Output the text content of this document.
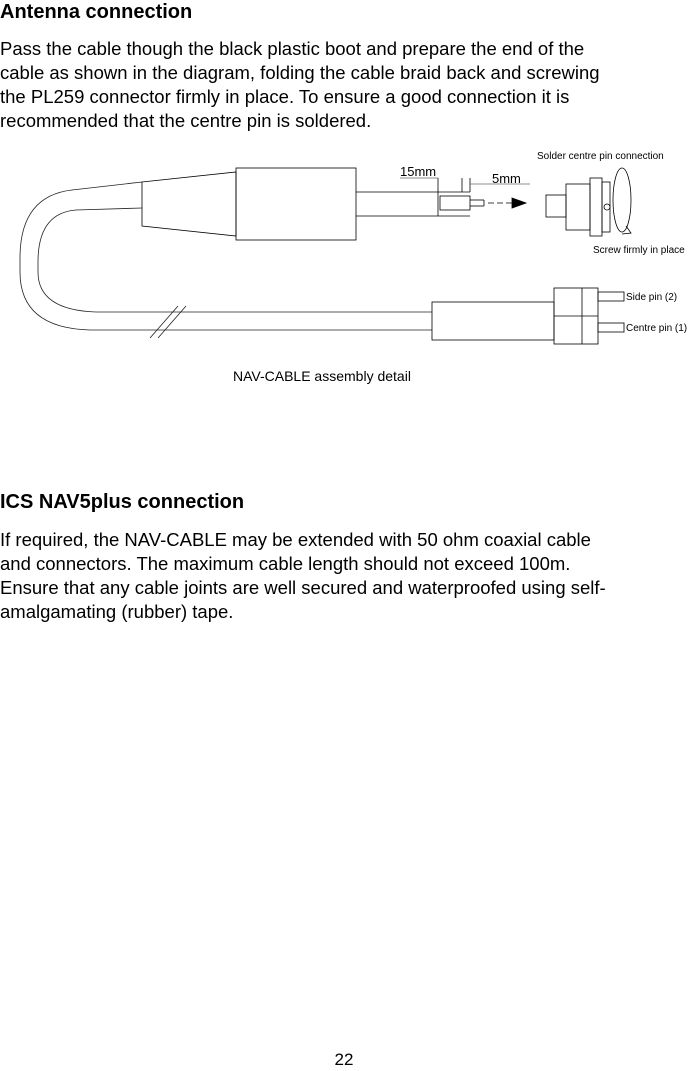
Antenna connection
Pass the cable though the black plastic boot and prepare the end of the
cable as shown in the diagram, folding the cable braid back and screwing
the PL259 connector firmly in place. To ensure a good connection it is
recommended that the centre pin is soldered.
15mm	5mm
Solder centre pin connection
Screw firmly in place
Side pin (2)
Centre pin (1)
NAV-CABLE assembly detail
ICS NAV5plus connection
If required, the NAV-CABLE may be extended with 50 ohm coaxial cable
and connectors. The maximum cable length should not exceed 100m.
Ensure that any cable joints are well secured and waterproofed using self-
amalgamating (rubber) tape.
22
